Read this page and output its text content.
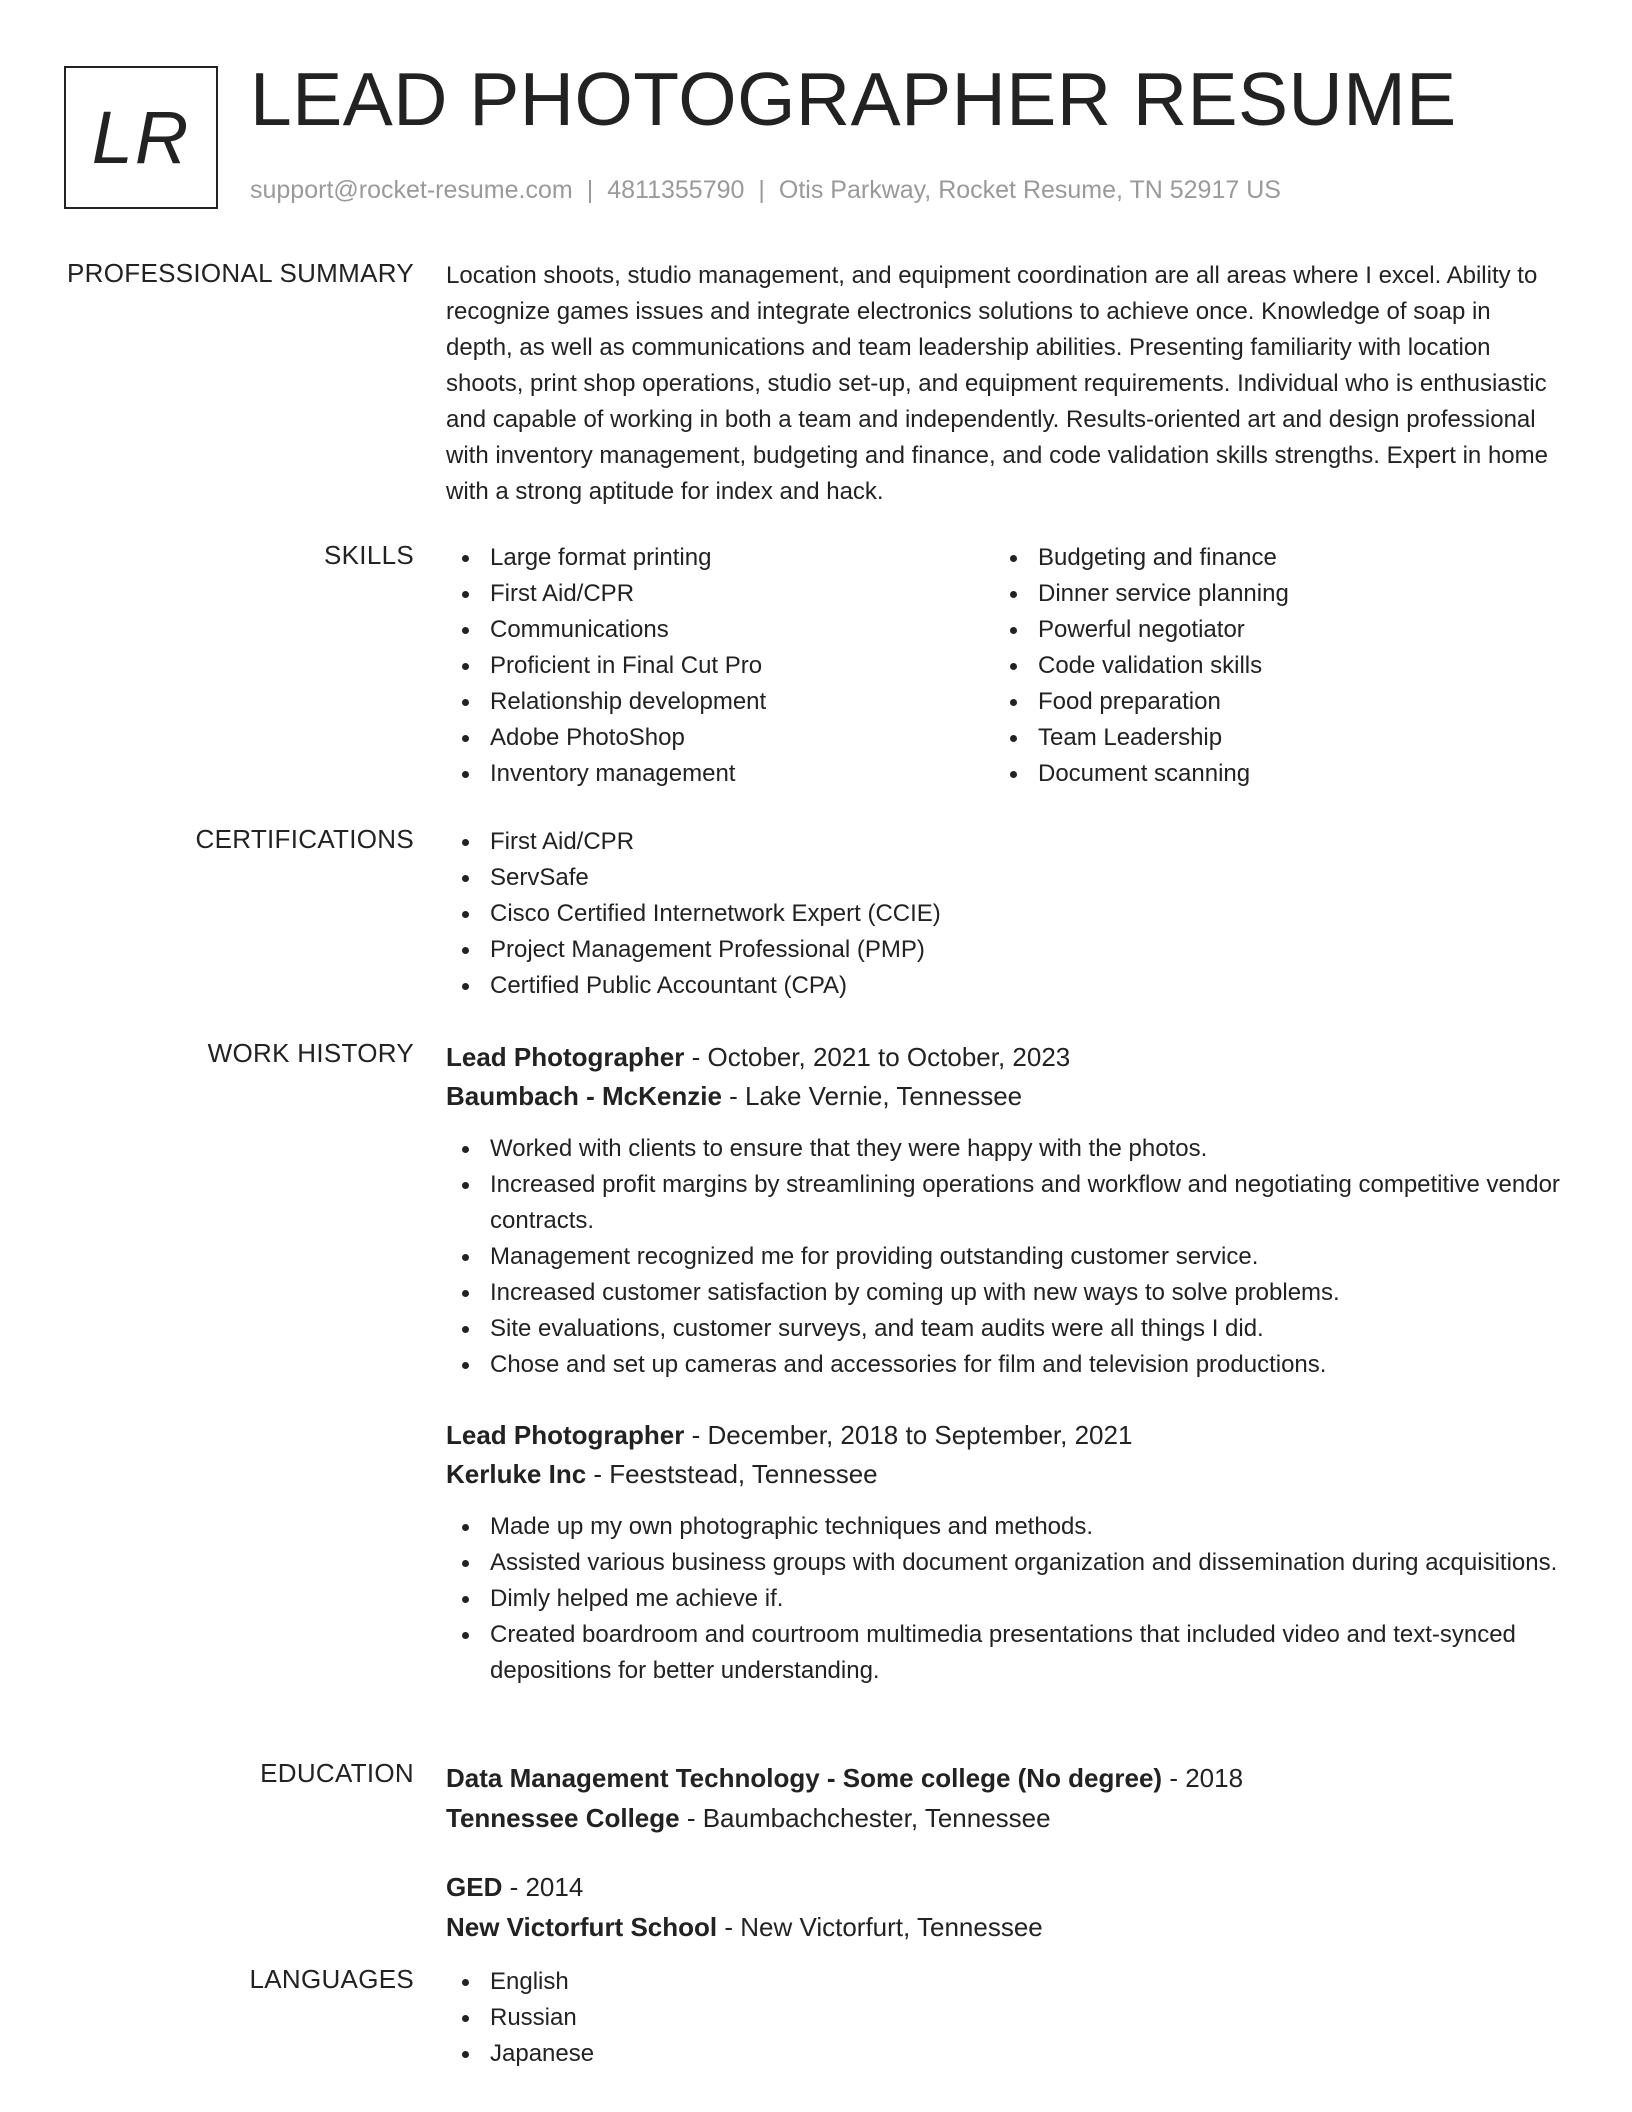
LR LEAD PHOTOGRAPHER RESUME
support@rocket-resume.com | 4811355790 | Otis Parkway, Rocket Resume, TN 52917 US
PROFESSIONAL SUMMARY Location shoots, studio management, and equipment coordination are all areas where I excel. Ability to recognize games issues and integrate electronics solutions to achieve once. Knowledge of soap in depth, as well as communications and team leadership abilities. Presenting familiarity with location shoots, print shop operations, studio set-up, and equipment requirements. Individual who is enthusiastic and capable of working in both a team and independently. Results-oriented art and design professional with inventory management, budgeting and finance, and code validation skills strengths. Expert in home with a strong aptitude for index and hack.
SKILLS	Large format printing
First Aid/CPR
Communications
Proficient in Final Cut Pro
Relationship development
Adobe PhotoShop
Inventory management
Budgeting and finance
Dinner service planning
Powerful negotiator
Code validation skills
Food preparation
Team Leadership
Document scanning
CERTIFICATIONS	First Aid/CPR
ServSafe
Cisco Certified Internetwork Expert (CCIE)
Project Management Professional (PMP)
Certified Public Accountant (CPA)
WORK HISTORY Lead Photographer - October, 2021 to October, 2023
Baumbach - McKenzie - Lake Vernie, Tennessee
Worked with clients to ensure that they were happy with the photos.
Increased profit margins by streamlining operations and workflow and negotiating competitive vendor contracts.
Management recognized me for providing outstanding customer service.
Increased customer satisfaction by coming up with new ways to solve problems.
Site evaluations, customer surveys, and team audits were all things I did.
Chose and set up cameras and accessories for film and television productions.
Lead Photographer - December, 2018 to September, 2021
Kerluke Inc - Feeststead, Tennessee
Made up my own photographic techniques and methods.
Assisted various business groups with document organization and dissemination during acquisitions.
Dimly helped me achieve if.
Created boardroom and courtroom multimedia presentations that included video and text-synced depositions for better understanding.
EDUCATION Data Management Technology - Some college (No degree) - 2018
Tennessee College - Baumbachchester, Tennessee
GED - 2014
New Victorfurt School - New Victorfurt, Tennessee
LANGUAGES	English
Russian
Japanese
